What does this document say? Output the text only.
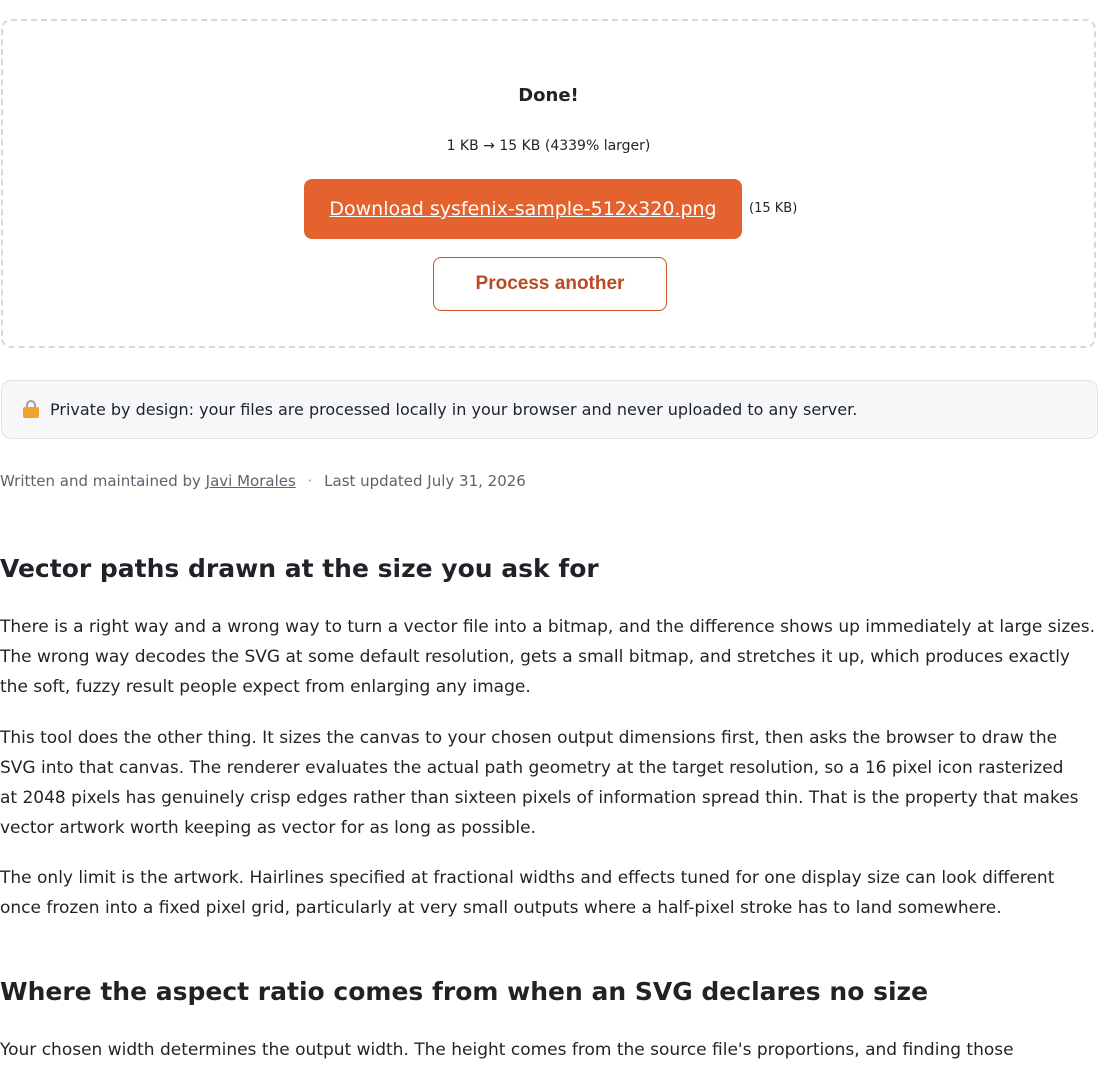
Done!
1 KB → 15 KB (4339% larger)
Download sysfenix-sample-512x320.png	(15 KB)
Process another
Private by design: your files are processed locally in your browser and never uploaded to any server.
Written and maintained by Javi Morales · Last updated July 31, 2026
Vector paths drawn at the size you ask for

There is a right way and a wrong way to turn a vector file into a bitmap, and the difference shows up immediately at large sizes. The wrong way decodes the SVG at some default resolution, gets a small bitmap, and stretches it up, which produces exactly the soft, fuzzy result people expect from enlarging any image.

This tool does the other thing. It sizes the canvas to your chosen output dimensions first, then asks the browser to draw the SVG into that canvas. The renderer evaluates the actual path geometry at the target resolution, so a 16 pixel icon rasterized at 2048 pixels has genuinely crisp edges rather than sixteen pixels of information spread thin. That is the property that makes vector artwork worth keeping as vector for as long as possible.

The only limit is the artwork. Hairlines specified at fractional widths and effects tuned for one display size can look different once frozen into a fixed pixel grid, particularly at very small outputs where a half-pixel stroke has to land somewhere.

Where the aspect ratio comes from when an SVG declares no size

Your chosen width determines the output width. The height comes from the source file's proportions, and finding those
